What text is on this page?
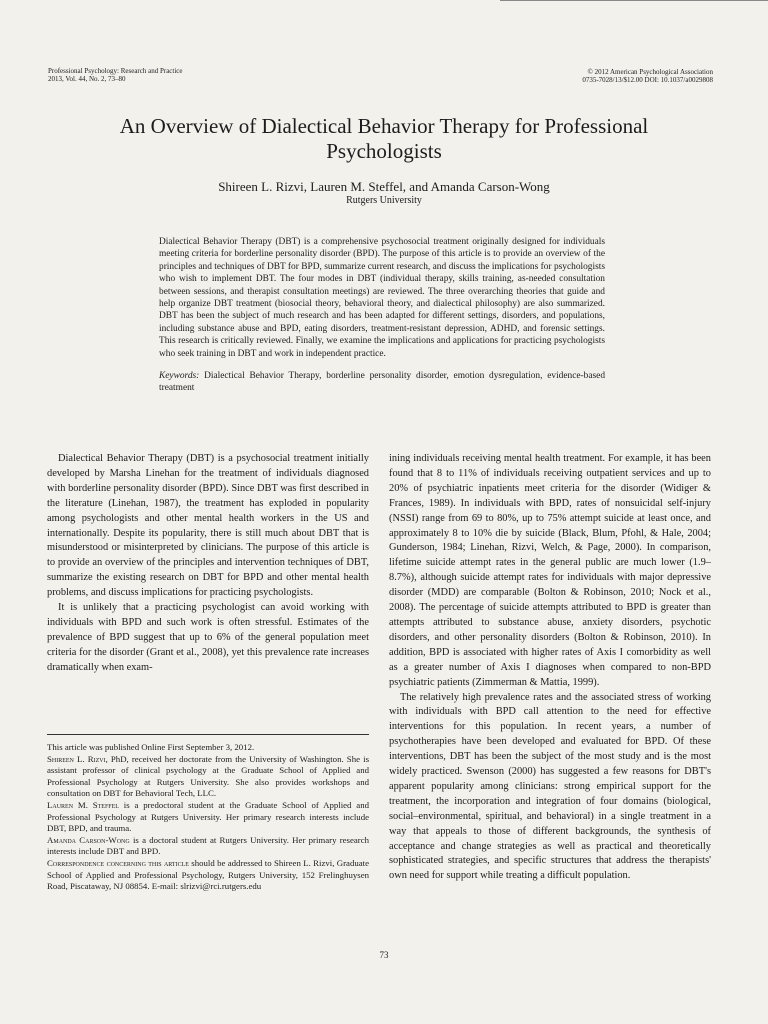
Professional Psychology: Research and Practice
2013, Vol. 44, No. 2, 73–80
© 2012 American Psychological Association
0735-7028/13/$12.00 DOI: 10.1037/a0029808
An Overview of Dialectical Behavior Therapy for Professional Psychologists
Shireen L. Rizvi, Lauren M. Steffel, and Amanda Carson-Wong
Rutgers University

Dialectical Behavior Therapy (DBT) is a comprehensive psychosocial treatment originally designed for individuals meeting criteria for borderline personality disorder (BPD). The purpose of this article is to provide an overview of the principles and techniques of DBT for BPD, summarize current research, and discuss the implications for psychologists who wish to implement DBT. The four modes in DBT (individual therapy, skills training, as-needed consultation between sessions, and therapist consultation meetings) are reviewed. The three overarching theories that guide and help organize DBT treatment (biosocial theory, behavioral theory, and dialectical philosophy) are also summarized. DBT has been the subject of much research and has been adapted for different settings, disorders, and populations, including substance abuse and BPD, eating disorders, treatment-resistant depression, ADHD, and forensic settings. This research is critically reviewed. Finally, we examine the implications and applications for practicing psychologists who seek training in DBT and work in independent practice.

Keywords: Dialectical Behavior Therapy, borderline personality disorder, emotion dysregulation, evidence-based treatment

Dialectical Behavior Therapy (DBT) is a psychosocial treatment initially developed by Marsha Linehan for the treatment of individuals diagnosed with borderline personality disorder (BPD). Since DBT was first described in the literature (Linehan, 1987), the treatment has exploded in popularity among psychologists and other mental health workers in the US and internationally. Despite its popularity, there is still much about DBT that is misunderstood or misinterpreted by clinicians. The purpose of this article is to provide an overview of the principles and intervention techniques of DBT, summarize the existing research on DBT for BPD and other mental health problems, and discuss implications for practicing psychologists.

It is unlikely that a practicing psychologist can avoid working with individuals with BPD and such work is often stressful. Estimates of the prevalence of BPD suggest that up to 6% of the general population meet criteria for the disorder (Grant et al., 2008), yet this prevalence rate increases dramatically when exam-

This article was published Online First September 3, 2012.

Shireen L. Rizvi, PhD, received her doctorate from the University of Washington. She is assistant professor of clinical psychology at the Graduate School of Applied and Professional Psychology at Rutgers University. She also provides workshops and consultation on DBT for Behavioral Tech, LLC.

Lauren M. Steffel is a predoctoral student at the Graduate School of Applied and Professional Psychology at Rutgers University. Her primary research interests include DBT, BPD, and trauma.

Amanda Carson-Wong is a doctoral student at Rutgers University. Her primary research interests include DBT and BPD.

Correspondence concerning this article should be addressed to Shireen L. Rizvi, Graduate School of Applied and Professional Psychology, Rutgers University, 152 Frelinghuysen Road, Piscataway, NJ 08854. E-mail: slrizvi@rci.rutgers.edu

ining individuals receiving mental health treatment. For example, it has been found that 8 to 11% of individuals receiving outpatient services and up to 20% of psychiatric inpatients meet criteria for the disorder (Widiger & Frances, 1989). In individuals with BPD, rates of nonsuicidal self-injury (NSSI) range from 69 to 80%, up to 75% attempt suicide at least once, and approximately 8 to 10% die by suicide (Black, Blum, Pfohl, & Hale, 2004; Gunderson, 1984; Linehan, Rizvi, Welch, & Page, 2000). In comparison, lifetime suicide attempt rates in the general public are much lower (1.9–8.7%), although suicide attempt rates for individuals with major depressive disorder (MDD) are comparable (Bolton & Robinson, 2010; Nock et al., 2008). The percentage of suicide attempts attributed to BPD is greater than attempts attributed to substance abuse, anxiety disorders, psychotic disorders, and other personality disorders (Bolton & Robinson, 2010). In addition, BPD is associated with higher rates of Axis I comorbidity as well as a greater number of Axis I diagnoses when compared to non-BPD psychiatric patients (Zimmerman & Mattia, 1999).

The relatively high prevalence rates and the associated stress of working with individuals with BPD call attention to the need for effective interventions for this population. In recent years, a number of psychotherapies have been developed and evaluated for BPD. Of these interventions, DBT has been the subject of the most study and is the most widely practiced. Swenson (2000) has suggested a few reasons for DBT's apparent popularity among clinicians: strong empirical support for the treatment, the incorporation and integration of four domains (biological, social–environmental, spiritual, and behavioral) in a single treatment in a way that appeals to those of different backgrounds, the synthesis of acceptance and change strategies as well as practical and theoretically sophisticated strategies, and specific structures that address the therapists' own need for support while treating a difficult population.

73
